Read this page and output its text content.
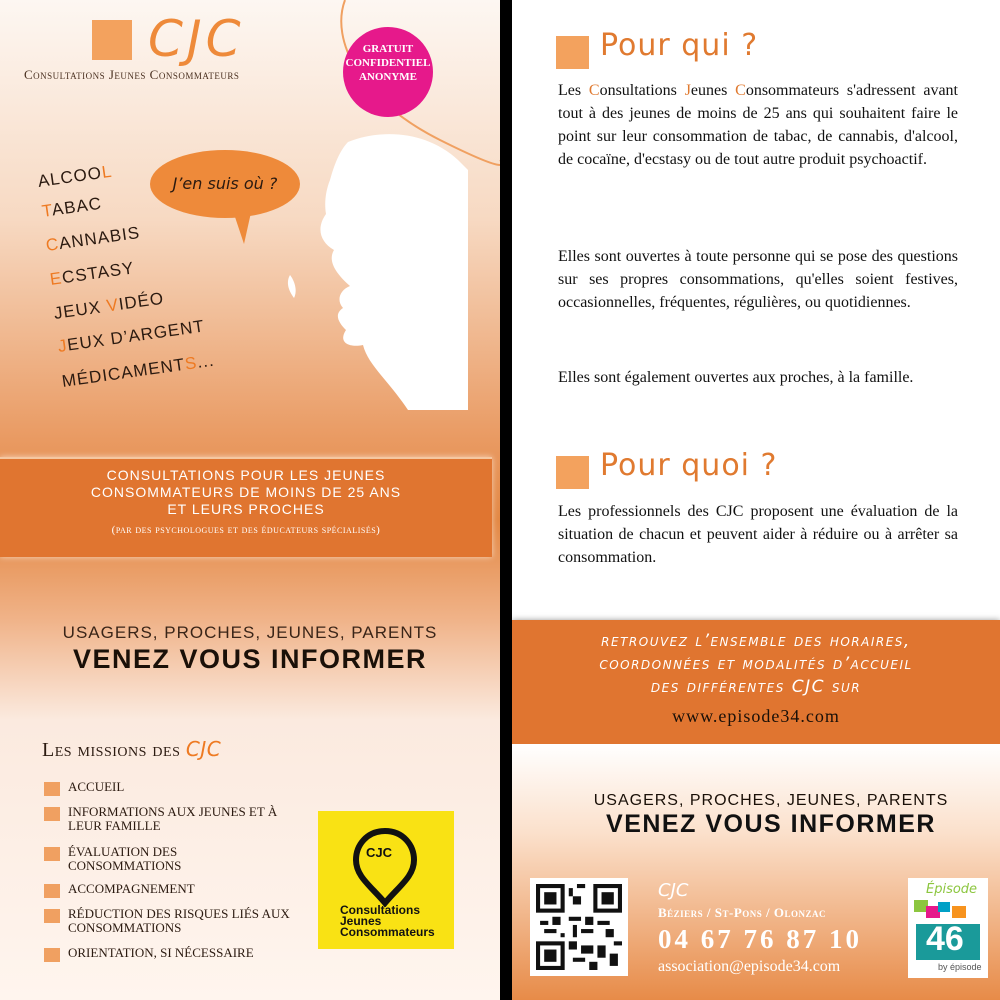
CJC
Consultations Jeunes Consommateurs
GRATUIT
CONFIDENTIEL
ANONYME
J’en suis où ?
ALCOOL
TABAC
CANNABIS
ECSTASY
JEUX VIDÉO
JEUX D’ARGENT
MÉDICAMENTS...
CONSULTATIONS POUR LES JEUNES
CONSOMMATEURS DE MOINS DE 25 ANS
ET LEURS PROCHES
(par des psychologues et des éducateurs spécialisés)
USAGERS, PROCHES, JEUNES, PARENTS
VENEZ VOUS INFORMER
Les missions des CJC
ACCUEIL
INFORMATIONS AUX JEUNES ET À LEUR FAMILLE
ÉVALUATION DES CONSOMMATIONS
ACCOMPAGNEMENT
RÉDUCTION DES RISQUES LIÉS AUX CONSOMMATIONS
ORIENTATION, SI NÉCESSAIRE
CJC
Consultations
Jeunes
Consommateurs
Pour qui ?
Les Consultations Jeunes Consommateurs s'adressent avant tout à des jeunes de moins de 25 ans qui souhaitent faire le point sur leur consommation de tabac, de cannabis, d'alcool, de cocaïne, d'ecstasy ou de tout autre produit psychoactif.
Elles sont ouvertes à toute personne qui se pose des questions sur ses propres consommations, qu'elles soient festives, occasionnelles, fréquentes, régulières, ou quotidiennes.
Elles sont également ouvertes aux proches, à la famille.
Pour quoi ?
Les professionnels des CJC proposent une évaluation de la situation de chacun et peuvent aider à réduire ou à arrêter sa consommation.
retrouvez l’ensemble des horaires,
coordonnées et modalités d’accueil
des différentes CJC sur
www.episode34.com
USAGERS, PROCHES, JEUNES, PARENTS
VENEZ VOUS INFORMER
CJC
Béziers / St-Pons / Olonzac
04 67 76 87 10
association@episode34.com
Épisode
46
by épisode
